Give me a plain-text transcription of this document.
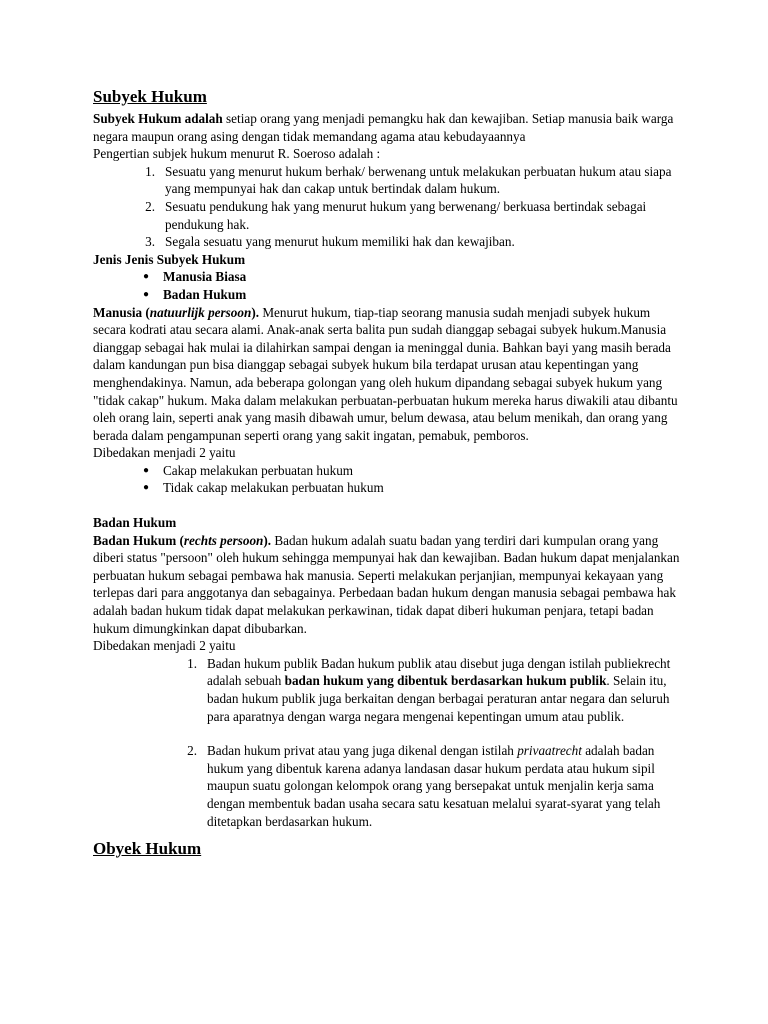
Subyek Hukum

Subyek Hukum adalah setiap orang yang menjadi pemangku hak dan kewajiban. Setiap manusia baik warga negara maupun orang asing dengan tidak memandang agama atau kebudayaannya

Pengertian subjek hukum menurut R. Soeroso adalah :

1. Sesuatu yang menurut hukum berhak/ berwenang untuk melakukan perbuatan hukum atau siapa yang mempunyai hak dan cakap untuk bertindak dalam hukum.
2. Sesuatu pendukung hak yang menurut hukum yang berwenang/ berkuasa bertindak sebagai pendukung hak.
3. Segala sesuatu yang menurut hukum memiliki hak dan kewajiban.

Jenis Jenis Subyek Hukum

●	Manusia Biasa
●	Badan Hukum

Manusia (natuurlijk persoon). Menurut hukum, tiap-tiap seorang manusia sudah menjadi subyek hukum secara kodrati atau secara alami. Anak-anak serta balita pun sudah dianggap sebagai subyek hukum.Manusia dianggap sebagai hak mulai ia dilahirkan sampai dengan ia meninggal dunia. Bahkan bayi yang masih berada dalam kandungan pun bisa dianggap sebagai subyek hukum bila terdapat urusan atau kepentingan yang menghendakinya. Namun, ada beberapa golongan yang oleh hukum dipandang sebagai subyek hukum yang "tidak cakap" hukum. Maka dalam melakukan perbuatan-perbuatan hukum mereka harus diwakili atau dibantu oleh orang lain, seperti anak yang masih dibawah umur, belum dewasa, atau belum menikah, dan orang yang berada dalam pengampunan seperti orang yang sakit ingatan, pemabuk, pemboros.

Dibedakan menjadi 2 yaitu

●	Cakap melakukan perbuatan hukum
●	Tidak cakap melakukan perbuatan hukum

Badan Hukum

Badan Hukum (rechts persoon). Badan hukum adalah suatu badan yang terdiri dari kumpulan orang yang diberi status "persoon" oleh hukum sehingga mempunyai hak dan kewajiban. Badan hukum dapat menjalankan perbuatan hukum sebagai pembawa hak manusia. Seperti melakukan perjanjian, mempunyai kekayaan yang terlepas dari para anggotanya dan sebagainya. Perbedaan badan hukum dengan manusia sebagai pembawa hak adalah badan hukum tidak dapat melakukan perkawinan, tidak dapat diberi hukuman penjara, tetapi badan hukum dimungkinkan dapat dibubarkan.

Dibedakan menjadi 2 yaitu

1. Badan hukum publik Badan hukum publik atau disebut juga dengan istilah publiekrecht adalah sebuah badan hukum yang dibentuk berdasarkan hukum publik. Selain itu, badan hukum publik juga berkaitan dengan berbagai peraturan antar negara dan seluruh para aparatnya dengan warga negara mengenai kepentingan umum atau publik.
2. Badan hukum privat atau yang juga dikenal dengan istilah privaatrecht adalah badan hukum yang dibentuk karena adanya landasan dasar hukum perdata atau hukum sipil maupun suatu golongan kelompok orang yang bersepakat untuk menjalin kerja sama dengan membentuk badan usaha secara satu kesatuan melalui syarat-syarat yang telah ditetapkan berdasarkan hukum.
Obyek Hukum
